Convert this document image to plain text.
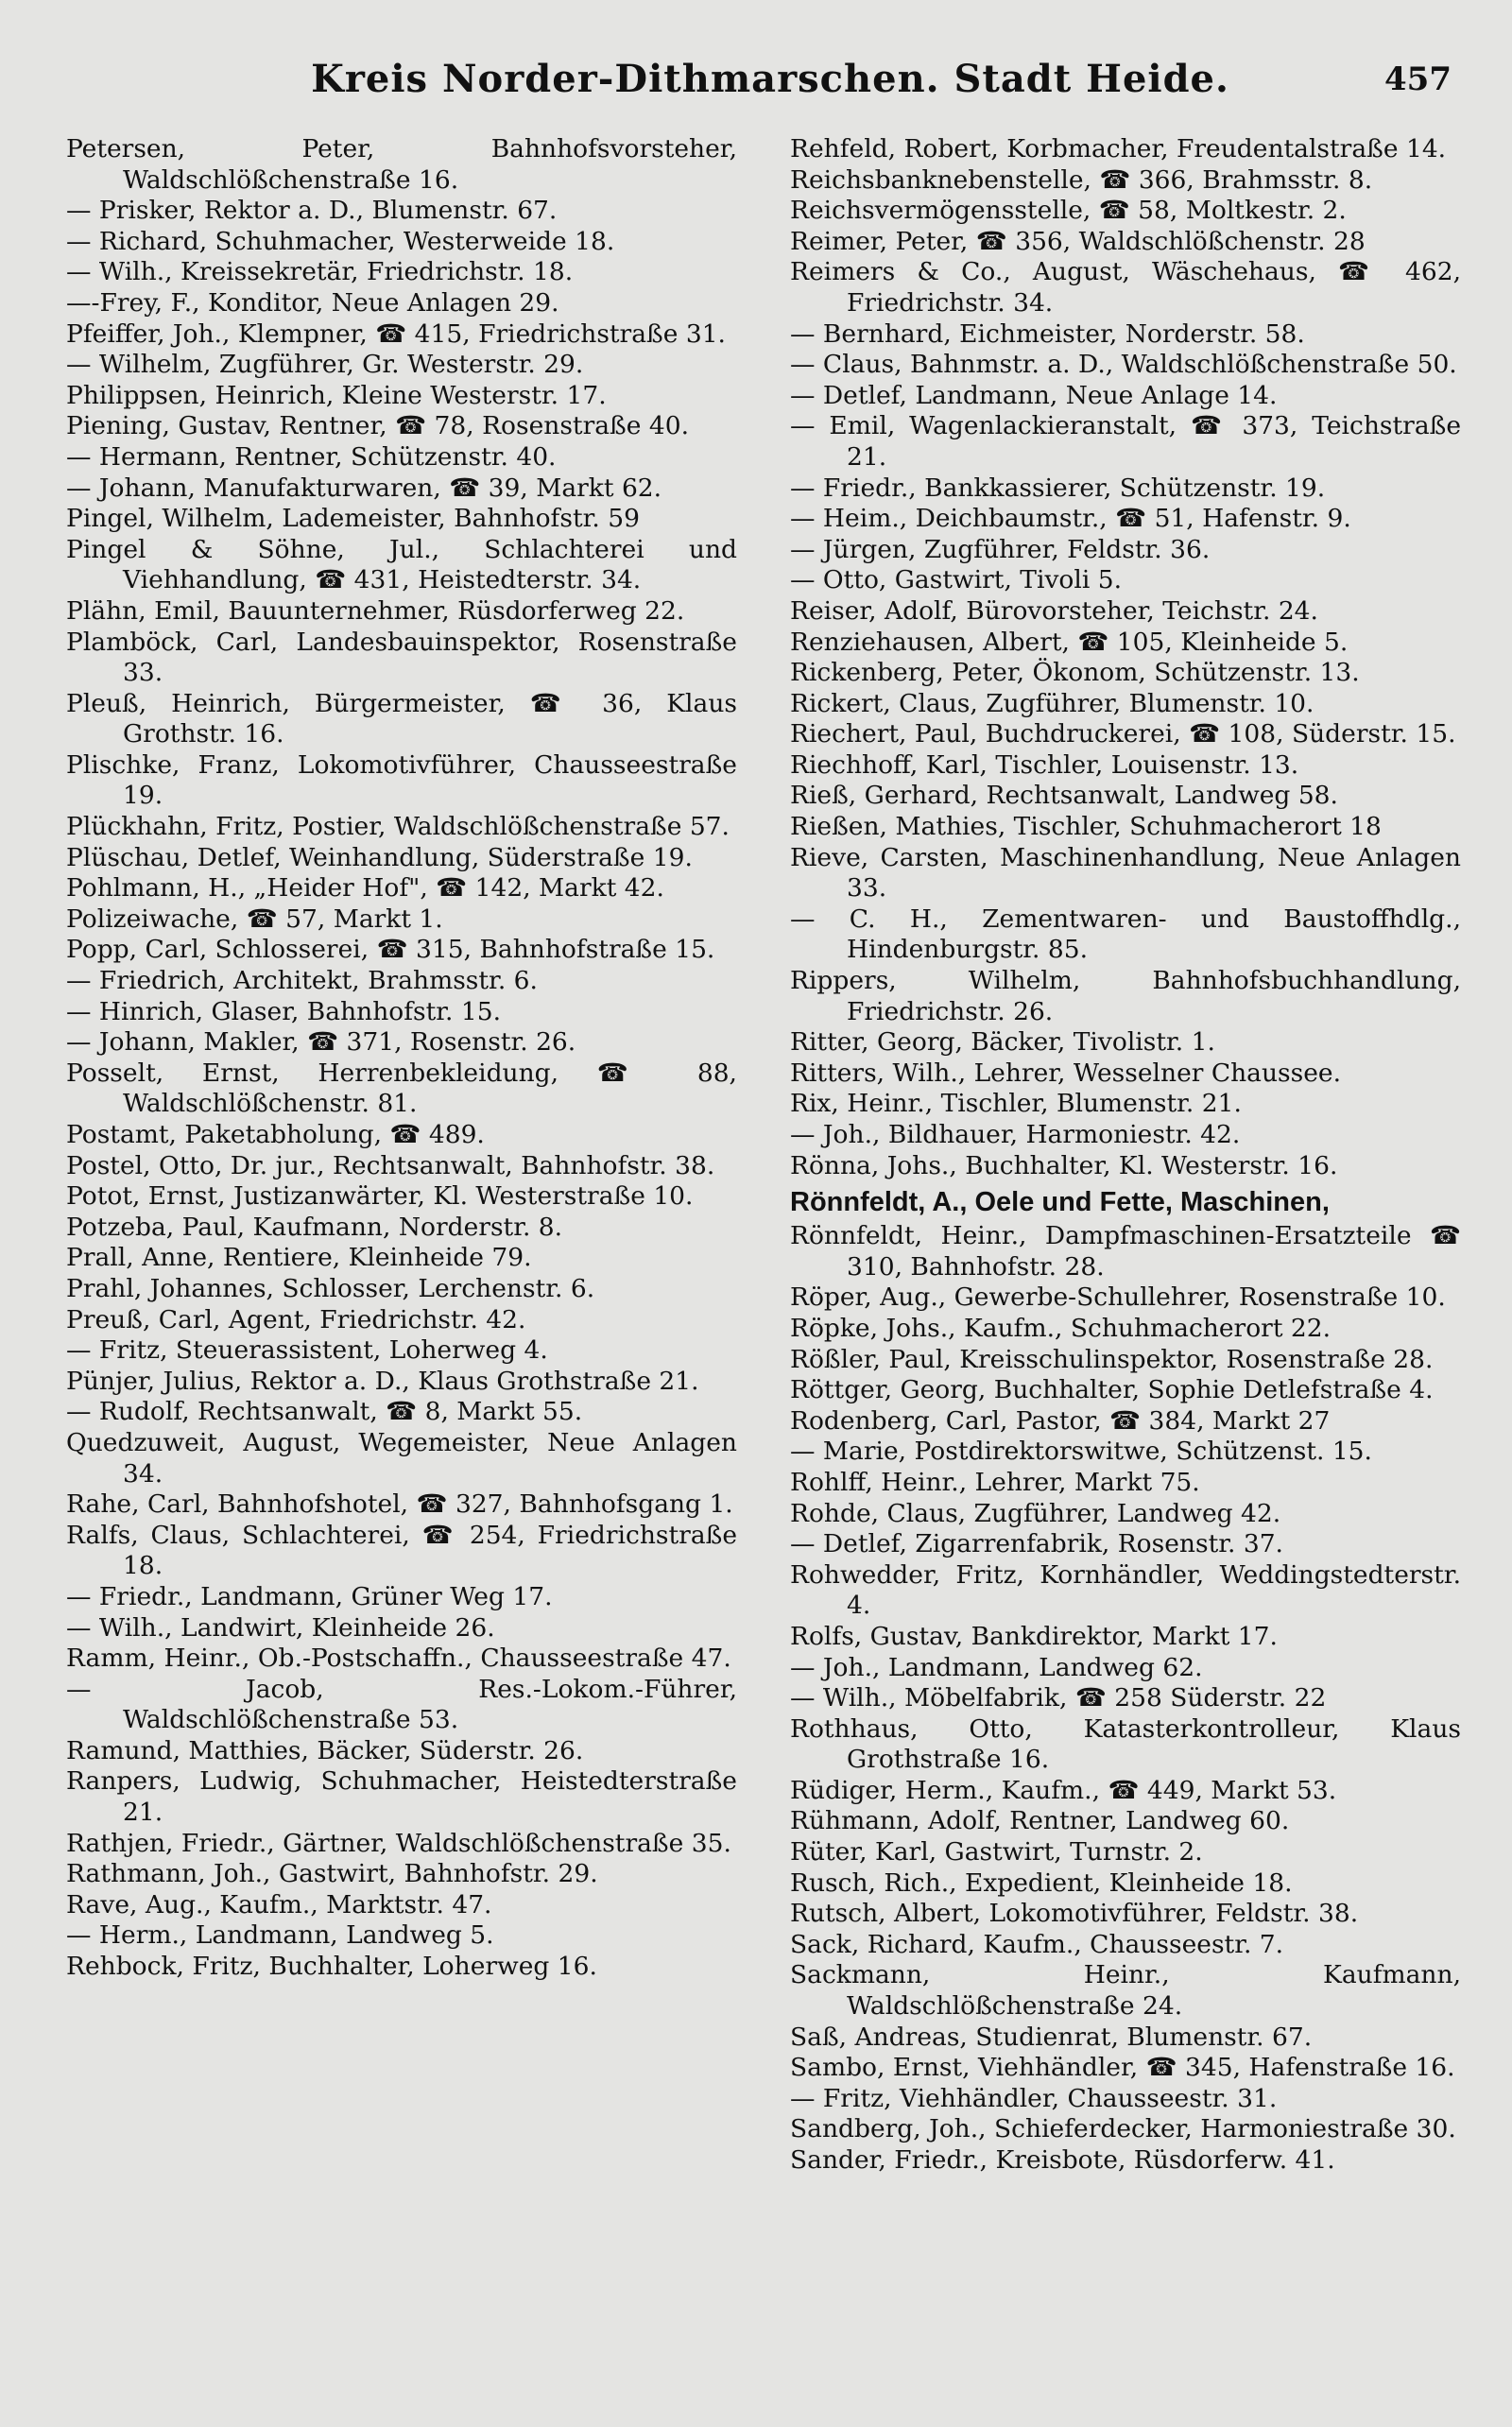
Kreis Norder-Dithmarschen. Stadt Heide.	457

Petersen, Peter, Bahnhofsvorsteher, Waldschlößchenstraße 16.

— Prisker, Rektor a. D., Blumenstr. 67.

— Richard, Schuhmacher, Westerweide 18.

— Wilh., Kreissekretär, Friedrichstr. 18.

—-Frey, F., Konditor, Neue Anlagen 29.

Pfeiffer, Joh., Klempner, ☎ 415, Friedrichstraße 31.

— Wilhelm, Zugführer, Gr. Westerstr. 29.

Philippsen, Heinrich, Kleine Westerstr. 17.

Piening, Gustav, Rentner, ☎ 78, Rosenstraße 40.

— Hermann, Rentner, Schützenstr. 40.

— Johann, Manufakturwaren, ☎ 39, Markt 62.

Pingel, Wilhelm, Lademeister, Bahnhofstr. 59

Pingel & Söhne, Jul., Schlachterei und Viehhandlung, ☎ 431, Heistedterstr. 34.

Plähn, Emil, Bauunternehmer, Rüsdorferweg 22.

Plamböck, Carl, Landesbauinspektor, Rosenstraße 33.

Pleuß, Heinrich, Bürgermeister, ☎ 36, Klaus Grothstr. 16.

Plischke, Franz, Lokomotivführer, Chausseestraße 19.

Plückhahn, Fritz, Postier, Waldschlößchenstraße 57.

Plüschau, Detlef, Weinhandlung, Süderstraße 19.

Pohlmann, H., „Heider Hof", ☎ 142, Markt 42.

Polizeiwache, ☎ 57, Markt 1.

Popp, Carl, Schlosserei, ☎ 315, Bahnhofstraße 15.

— Friedrich, Architekt, Brahmsstr. 6.

— Hinrich, Glaser, Bahnhofstr. 15.

— Johann, Makler, ☎ 371, Rosenstr. 26.

Posselt, Ernst, Herrenbekleidung, ☎ 88, Waldschlößchenstr. 81.

Postamt, Paketabholung, ☎ 489.

Postel, Otto, Dr. jur., Rechtsanwalt, Bahnhofstr. 38.

Potot, Ernst, Justizanwärter, Kl. Westerstraße 10.

Potzeba, Paul, Kaufmann, Norderstr. 8.

Prall, Anne, Rentiere, Kleinheide 79.

Prahl, Johannes, Schlosser, Lerchenstr. 6.

Preuß, Carl, Agent, Friedrichstr. 42.

— Fritz, Steuerassistent, Loherweg 4.

Pünjer, Julius, Rektor a. D., Klaus Grothstraße 21.

— Rudolf, Rechtsanwalt, ☎ 8, Markt 55.

Quedzuweit, August, Wegemeister, Neue Anlagen 34.

Rahe, Carl, Bahnhofshotel, ☎ 327, Bahnhofsgang 1.

Ralfs, Claus, Schlachterei, ☎ 254, Friedrichstraße 18.

— Friedr., Landmann, Grüner Weg 17.

— Wilh., Landwirt, Kleinheide 26.

Ramm, Heinr., Ob.-Postschaffn., Chausseestraße 47.

— Jacob, Res.-Lokom.-Führer, Waldschlößchenstraße 53.

Ramund, Matthies, Bäcker, Süderstr. 26.

Ranpers, Ludwig, Schuhmacher, Heistedterstraße 21.

Rathjen, Friedr., Gärtner, Waldschlößchenstraße 35.

Rathmann, Joh., Gastwirt, Bahnhofstr. 29.

Rave, Aug., Kaufm., Marktstr. 47.

— Herm., Landmann, Landweg 5.

Rehbock, Fritz, Buchhalter, Loherweg 16.

Rehfeld, Robert, Korbmacher, Freudentalstraße 14.

Reichsbanknebenstelle, ☎ 366, Brahmsstr. 8.

Reichsvermögensstelle, ☎ 58, Moltkestr. 2.

Reimer, Peter, ☎ 356, Waldschlößchenstr. 28

Reimers & Co., August, Wäschehaus, ☎ 462, Friedrichstr. 34.

— Bernhard, Eichmeister, Norderstr. 58.

— Claus, Bahnmstr. a. D., Waldschlößchenstraße 50.

— Detlef, Landmann, Neue Anlage 14.

— Emil, Wagenlackieranstalt, ☎ 373, Teichstraße 21.

— Friedr., Bankkassierer, Schützenstr. 19.

— Heim., Deichbaumstr., ☎ 51, Hafenstr. 9.

— Jürgen, Zugführer, Feldstr. 36.

— Otto, Gastwirt, Tivoli 5.

Reiser, Adolf, Bürovorsteher, Teichstr. 24.

Renziehausen, Albert, ☎ 105, Kleinheide 5.

Rickenberg, Peter, Ökonom, Schützenstr. 13.

Rickert, Claus, Zugführer, Blumenstr. 10.

Riechert, Paul, Buchdruckerei, ☎ 108, Süderstr. 15.

Riechhoff, Karl, Tischler, Louisenstr. 13.

Rieß, Gerhard, Rechtsanwalt, Landweg 58.

Rießen, Mathies, Tischler, Schuhmacherort 18

Rieve, Carsten, Maschinenhandlung, Neue Anlagen 33.

— C. H., Zementwaren- und Baustoffhdlg., Hindenburgstr. 85.

Rippers, Wilhelm, Bahnhofsbuchhandlung, Friedrichstr. 26.

Ritter, Georg, Bäcker, Tivolistr. 1.

Ritters, Wilh., Lehrer, Wesselner Chaussee.

Rix, Heinr., Tischler, Blumenstr. 21.

— Joh., Bildhauer, Harmoniestr. 42.

Rönna, Johs., Buchhalter, Kl. Westerstr. 16.

Rönnfeldt, A., Oele und Fette, Maschinen,

Rönnfeldt, Heinr., Dampfmaschinen-Ersatzteile ☎ 310, Bahnhofstr. 28.

Röper, Aug., Gewerbe-Schullehrer, Rosenstraße 10.

Röpke, Johs., Kaufm., Schuhmacherort 22.

Rößler, Paul, Kreisschulinspektor, Rosenstraße 28.

Röttger, Georg, Buchhalter, Sophie Detlefstraße 4.

Rodenberg, Carl, Pastor, ☎ 384, Markt 27

— Marie, Postdirektorswitwe, Schützenst. 15.

Rohlff, Heinr., Lehrer, Markt 75.

Rohde, Claus, Zugführer, Landweg 42.

— Detlef, Zigarrenfabrik, Rosenstr. 37.

Rohwedder, Fritz, Kornhändler, Weddingstedterstr. 4.

Rolfs, Gustav, Bankdirektor, Markt 17.

— Joh., Landmann, Landweg 62.

— Wilh., Möbelfabrik, ☎ 258 Süderstr. 22

Rothhaus, Otto, Katasterkontrolleur, Klaus Grothstraße 16.

Rüdiger, Herm., Kaufm., ☎ 449, Markt 53.

Rühmann, Adolf, Rentner, Landweg 60.

Rüter, Karl, Gastwirt, Turnstr. 2.

Rusch, Rich., Expedient, Kleinheide 18.

Rutsch, Albert, Lokomotivführer, Feldstr. 38.

Sack, Richard, Kaufm., Chausseestr. 7.

Sackmann, Heinr., Kaufmann, Waldschlößchenstraße 24.

Saß, Andreas, Studienrat, Blumenstr. 67.

Sambo, Ernst, Viehhändler, ☎ 345, Hafenstraße 16.

— Fritz, Viehhändler, Chausseestr. 31.

Sandberg, Joh., Schieferdecker, Harmoniestraße 30.

Sander, Friedr., Kreisbote, Rüsdorferw. 41.
